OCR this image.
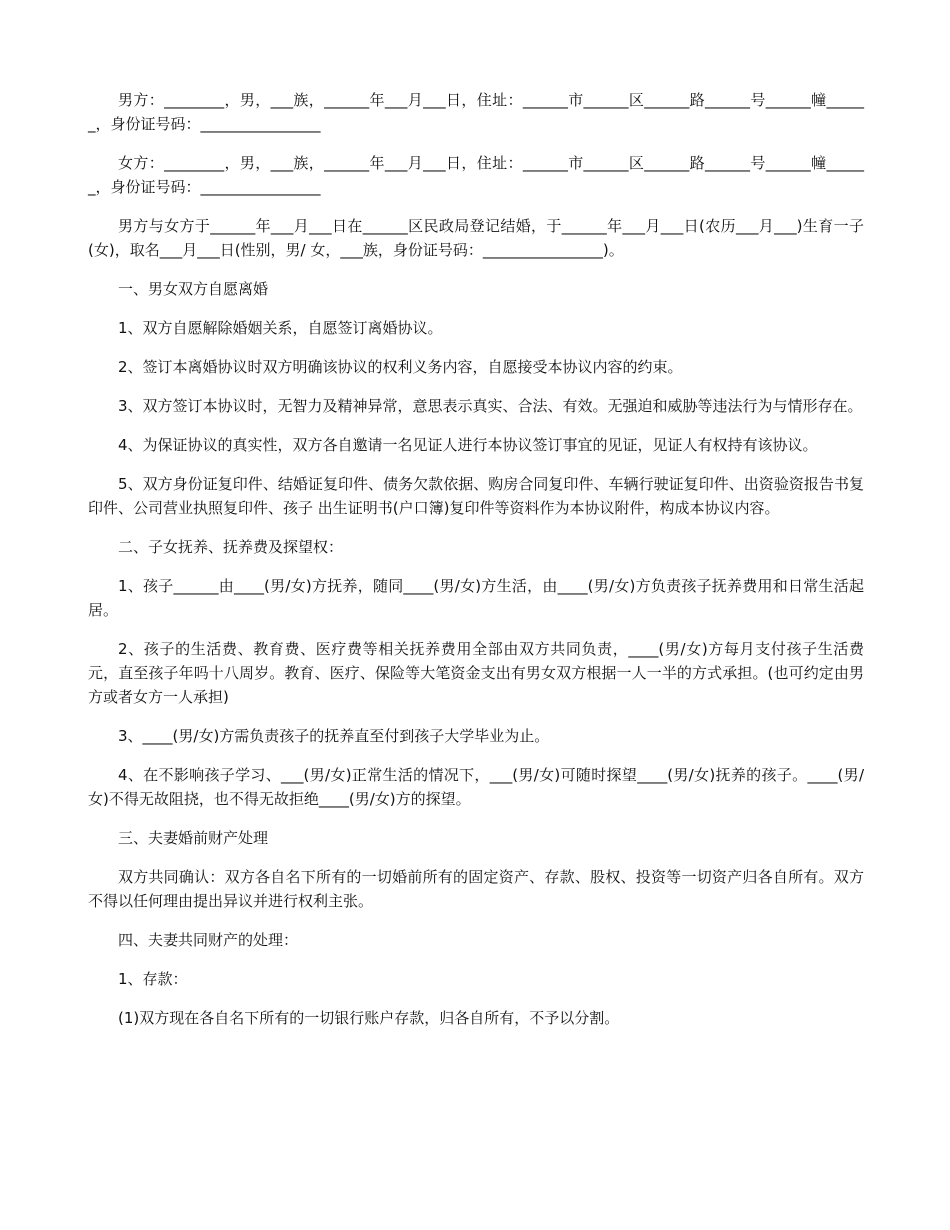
男方：________，男，___族，______年___月___日，住址：______市______区______路______号______幢______，身份证号码：________________

女方：________，男，___族，______年___月___日，住址：______市______区______路______号______幢______，身份证号码：________________

男方与女方于______年___月___日在______区民政局登记结婚，于______年___月___日(农历___月___)生育一子(女)，取名___月___日(性别，男/ 女，___族，身份证号码：________________)。

一、男女双方自愿离婚

1、双方自愿解除婚姻关系，自愿签订离婚协议。

2、签订本离婚协议时双方明确该协议的权利义务内容，自愿接受本协议内容的约束。

3、双方签订本协议时，无智力及精神异常，意思表示真实、合法、有效。无强迫和威胁等违法行为与情形存在。

4、为保证协议的真实性，双方各自邀请一名见证人进行本协议签订事宜的见证，见证人有权持有该协议。

5、双方身份证复印件、结婚证复印件、债务欠款依据、购房合同复印件、车辆行驶证复印件、出资验资报告书复印件、公司营业执照复印件、孩子 出生证明书(户口簿)复印件等资料作为本协议附件，构成本协议内容。

二、子女抚养、抚养费及探望权：

1、孩子______由____(男/女)方抚养，随同____(男/女)方生活，由____(男/女)方负责孩子抚养费用和日常生活起居。

2、孩子的生活费、教育费、医疗费等相关抚养费用全部由双方共同负责，____(男/女)方每月支付孩子生活费 元，直至孩子年吗十八周岁。教育、医疗、保险等大笔资金支出有男女双方根据一人一半的方式承担。(也可约定由男方或者女方一人承担)

3、____(男/女)方需负责孩子的抚养直至付到孩子大学毕业为止。

4、在不影响孩子学习、___(男/女)正常生活的情况下，___(男/女)可随时探望____(男/女)抚养的孩子。____(男/女)不得无故阻挠，也不得无故拒绝____(男/女)方的探望。

三、夫妻婚前财产处理

双方共同确认：双方各自名下所有的一切婚前所有的固定资产、存款、股权、投资等一切资产归各自所有。双方不得以任何理由提出异议并进行权利主张。

四、夫妻共同财产的处理：

1、存款：

(1)双方现在各自名下所有的一切银行账户存款，归各自所有，不予以分割。
